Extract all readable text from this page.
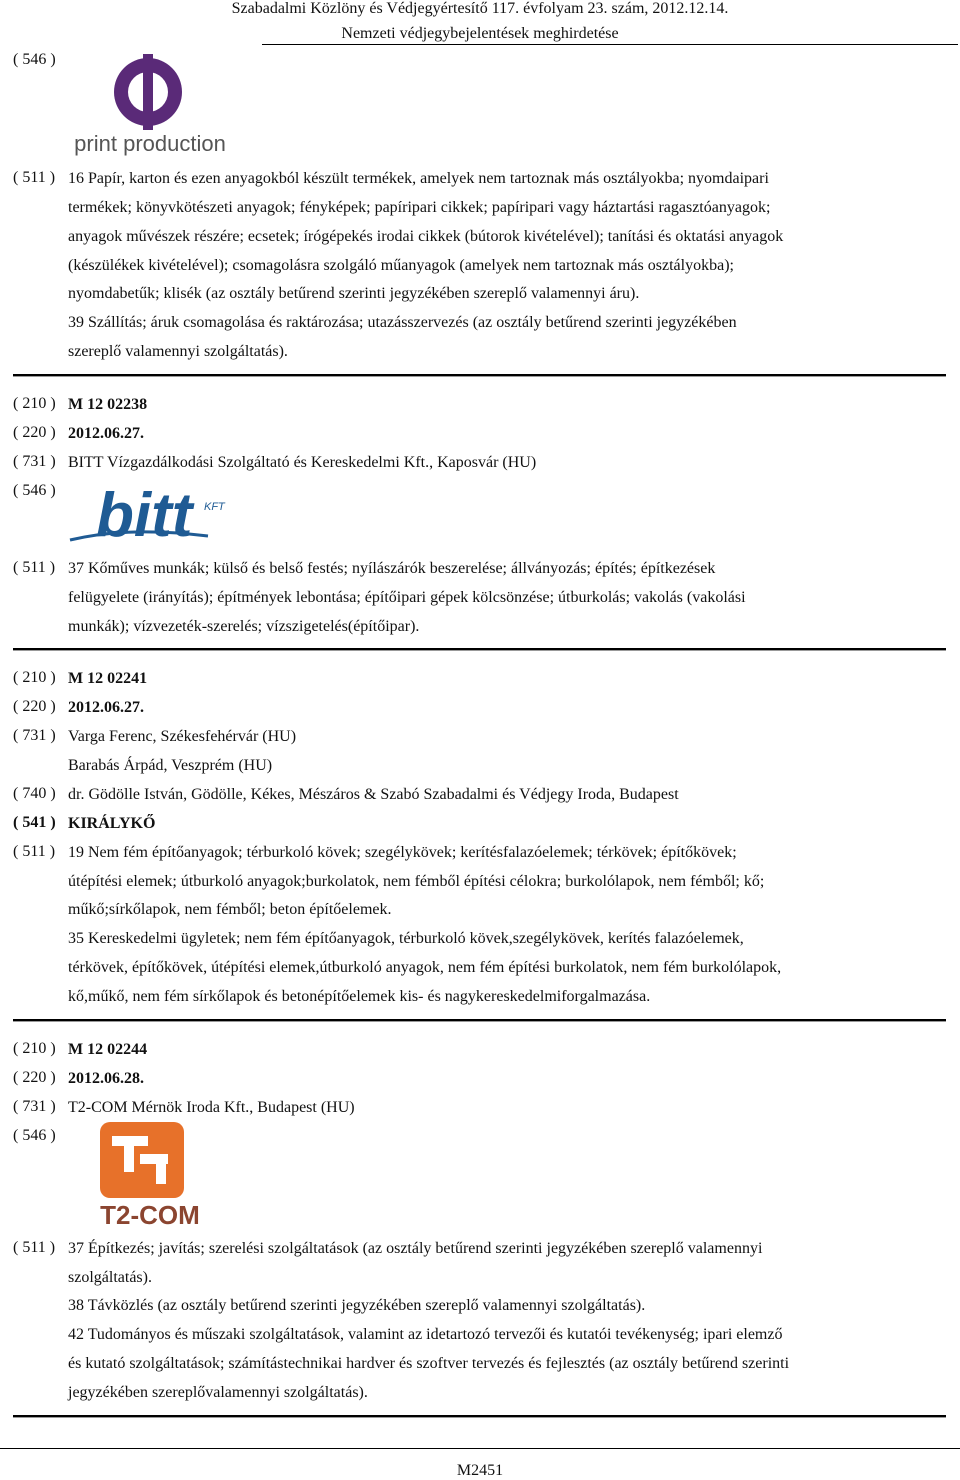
Szabadalmi Közlöny és Védjegyértesítő 117. évfolyam 23. szám, 2012.12.14.
Nemzeti védjegybejelentések meghirdetése
( 546 )
print production
( 511 ) 16 Papír, karton és ezen anyagokból készült termékek, amelyek nem tartoznak más osztályokba; nyomdaipari
termékek; könyvkötészeti anyagok; fényképek; papíripari cikkek; papíripari vagy háztartási ragasztóanyagok;
anyagok művészek részére; ecsetek; írógépekés irodai cikkek (bútorok kivételével); tanítási és oktatási anyagok
(készülékek kivételével); csomagolásra szolgáló műanyagok (amelyek nem tartoznak más osztályokba);
nyomdabetűk; klisék (az osztály betűrend szerinti jegyzékében szereplő valamennyi áru).
39 Szállítás; áruk csomagolása és raktározása; utazásszervezés (az osztály betűrend szerinti jegyzékében
szereplő valamennyi szolgáltatás).
( 210 ) M 12 02238
( 220 ) 2012.06.27.
( 731 ) BITT Vízgazdálkodási Szolgáltató és Kereskedelmi Kft., Kaposvár (HU)
( 546 ) bitt KFT
( 511 ) 37 Kőműves munkák; külső és belső festés; nyílászárók beszerelése; állványozás; építés; építkezések
felügyelete (irányítás); építmények lebontása; építőipari gépek kölcsönzése; útburkolás; vakolás (vakolási
munkák); vízvezeték-szerelés; vízszigetelés(építőipar).
( 210 ) M 12 02241
( 220 ) 2012.06.27.
( 731 ) Varga Ferenc, Székesfehérvár (HU)
Barabás Árpád, Veszprém (HU)
( 740 ) dr. Gödölle István, Gödölle, Kékes, Mészáros & Szabó Szabadalmi és Védjegy Iroda, Budapest
( 541 ) KIRÁLYKŐ
( 511 ) 19 Nem fém építőanyagok; térburkoló kövek; szegélykövek; kerítésfalazóelemek; térkövek; építőkövek;
útépítési elemek; útburkoló anyagok;burkolatok, nem fémből építési célokra; burkolólapok, nem fémből; kő;
műkő;sírkőlapok, nem fémből; beton építőelemek.
35 Kereskedelmi ügyletek; nem fém építőanyagok, térburkoló kövek,szegélykövek, kerítés falazóelemek,
térkövek, építőkövek, útépítési elemek,útburkoló anyagok, nem fém építési burkolatok, nem fém burkolólapok,
kő,műkő, nem fém sírkőlapok és betonépítőelemek kis- és nagykereskedelmiforgalmazása.
( 210 ) M 12 02244
( 220 ) 2012.06.28.
( 731 ) T2-COM Mérnök Iroda Kft., Budapest (HU)
( 546 )
T2-COM
( 511 ) 37 Építkezés; javítás; szerelési szolgáltatások (az osztály betűrend szerinti jegyzékében szereplő valamennyi
szolgáltatás).
38 Távközlés (az osztály betűrend szerinti jegyzékében szereplő valamennyi szolgáltatás).
42 Tudományos és műszaki szolgáltatások, valamint az idetartozó tervezői és kutatói tevékenység; ipari elemző
és kutató szolgáltatások; számítástechnikai hardver és szoftver tervezés és fejlesztés (az osztály betűrend szerinti
jegyzékében szereplővalamennyi szolgáltatás).
M2451
